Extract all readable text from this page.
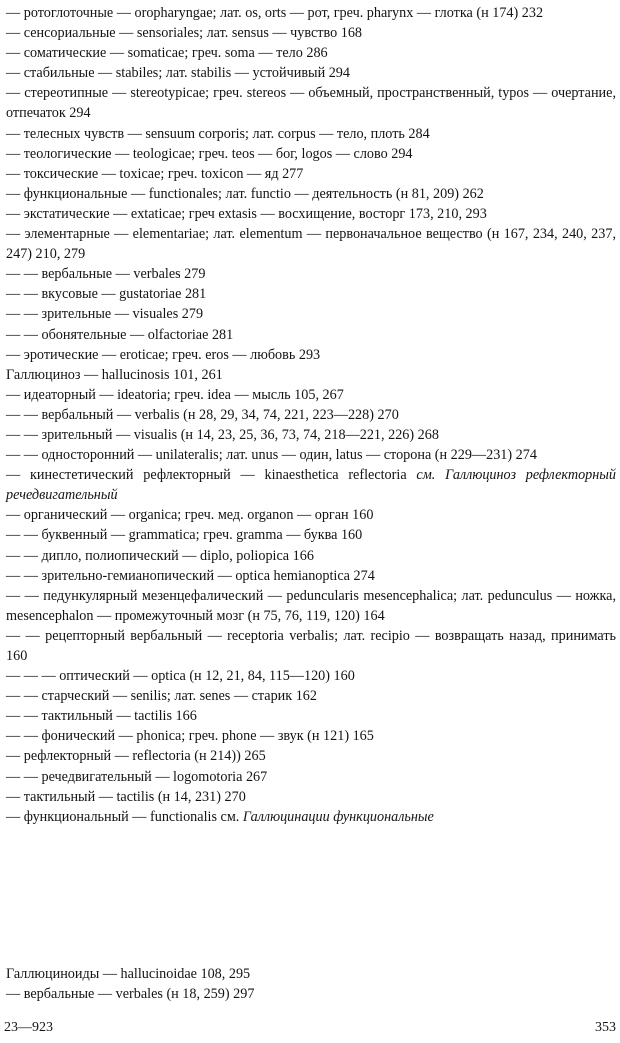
— ротоглоточные — oropharyngae; лат. os, orts — рот, греч. pharynx — глотка (н 174) 232

— сенсориальные — sensoriales; лат. sensus — чувство 168

— соматические — somaticae; греч. soma — тело 286

— стабильные — stabiles; лат. stabilis — устойчивый 294

— стереотипные — stereotypicae; греч. stereos — объемный, пространственный, typos — очертание, отпечаток 294

— телесных чувств — sensuum corporis; лат. corpus — тело, плоть 284

— теологические — teologicae; греч. teos — бог, logos — слово 294

— токсические — toxicae; греч. toxicon — яд 277

— функциональные — functionales; лат. functio — деятельность (н 81, 209) 262

— экстатические — extaticae; греч extasis — восхищение, восторг 173, 210, 293

— элементарные — elementariae; лат. elementum — первоначальное вещество (н 167, 234, 240, 237, 247) 210, 279

— — вербальные — verbales 279

— — вкусовые — gustatoriae 281

— — зрительные — visuales 279

— — обонятельные — olfactoriae 281

— эротические — eroticae; греч. eros — любовь 293

Галлюциноз — hallucinosis 101, 261

— идеаторный — ideatoria; греч. idea — мысль 105, 267

— — вербальный — verbalis (н 28, 29, 34, 74, 221, 223—228) 270

— — зрительный — visualis (н 14, 23, 25, 36, 73, 74, 218—221, 226) 268

— — односторонний — unilateralis; лат. unus — один, latus — сторона (н 229—231) 274

— кинестетический рефлекторный — kinaesthetica reflectoria см. Галлюциноз рефлекторный речедвигательный

— органический — organica; греч. мед. organon — орган 160

— — буквенный — grammatica; греч. gramma — буква 160

— — дипло, полиопический — diplo, poliopica 166

— — зрительно-гемианопический — optica hemianoptica 274

— — педункулярный мезенцефалический — peduncularis mesencephalica; лат. pedunculus — ножка, mesencephalon — промежуточный мозг (н 75, 76, 119, 120) 164

— — рецепторный вербальный — receptoria verbalis; лат. recipio — возвращать назад, принимать 160

— — — оптический — optica (н 12, 21, 84, 115—120) 160

— — старческий — senilis; лат. senes — старик 162

— — тактильный — tactilis 166

— — фонический — phonica; греч. phone — звук (н 121) 165

— рефлекторный — reflectoria (н 214)) 265

— — речедвигательный — logomotoria 267

— тактильный — tactilis (н 14, 231) 270

— функциональный — functionalis см. Галлюцинации функциональные

Галлюциноиды — hallucinoidae 108, 295

— вербальные — verbales (н 18, 259) 297

23—923	353
